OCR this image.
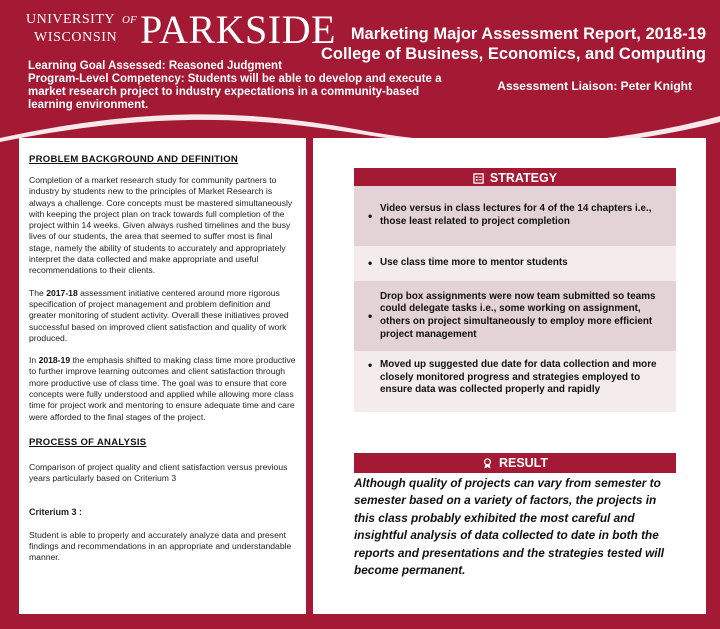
UNIVERSITY OF
WISCONSIN PARKSIDE Marketing Major Assessment Report, 2018-19
College of Business, Economics, and Computing
Assessment Liaison: Peter Knight
Learning Goal Assessed: Reasoned Judgment
Program-Level Competency: Students will be able to develop and execute a market research project to industry expectations in a community-based learning environment.
PROBLEM BACKGROUND AND DEFINITION

Completion of a market research study for community partners to industry by students new to the principles of Market Research is always a challenge. Core concepts must be mastered simultaneously with keeping the project plan on track towards full completion of the project within 14 weeks. Given always rushed timelines and the busy lives of our students, the area that seemed to suffer most is final stage, namely the ability of students to accurately and appropriately interpret the data collected and make appropriate and useful recommendations to their clients.

The 2017-18 assessment initiative centered around more rigorous specification of project management and problem definition and greater monitoring of student activity. Overall these initiatives proved successful based on improved client satisfaction and quality of work produced.

In 2018-19 the emphasis shifted to making class time more productive to further improve learning outcomes and client satisfaction through more productive use of class time. The goal was to ensure that core concepts were fully understood and applied while allowing more class time for project work and mentoring to ensure adequate time and care were afforded to the final stages of the project.

PROCESS OF ANALYSIS

Comparison of project quality and client satisfaction versus previous years particularly based on Criterium 3

Criterium 3 :

Student is able to properly and accurately analyze data and present findings and recommendations in an appropriate and understandable manner.

STRATEGY
• Video versus in class lectures for 4 of the 14 chapters i.e., those least related to project completion
• Use class time more to mentor students
• Drop box assignments were now team submitted so teams could delegate tasks i.e., some working on assignment, others on project simultaneously to employ more efficient project management
• Moved up suggested due date for data collection and more closely monitored progress and strategies employed to ensure data was collected properly and rapidly
RESULT
Although quality of projects can vary from semester to semester based on a variety of factors, the projects in this class probably exhibited the most careful and insightful analysis of data collected to date in both the reports and presentations and the strategies tested will become permanent.
